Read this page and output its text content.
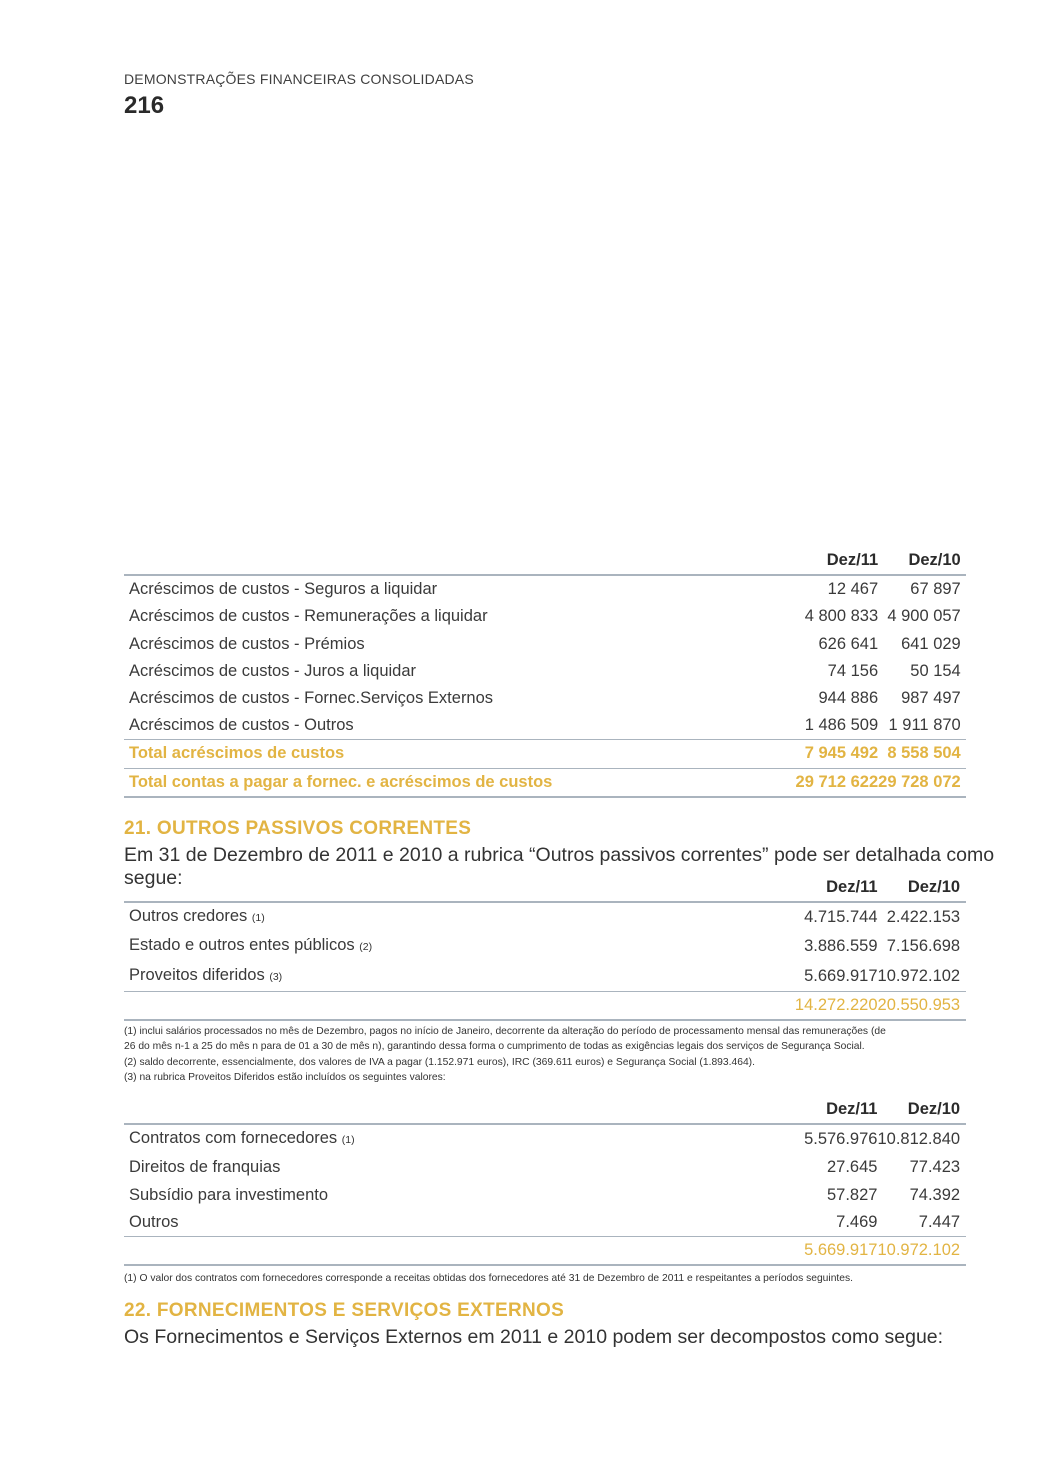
DEMONSTRAÇÕES FINANCEIRAS CONSOLIDADAS
216
	Dez/11	Dez/10	
Acréscimos de custos - Seguros a liquidar	12 467	67 897	
Acréscimos de custos - Remunerações a liquidar	4 800 833	4 900 057	
Acréscimos de custos - Prémios	626 641	641 029	
Acréscimos de custos - Juros a liquidar	74 156	50 154	
Acréscimos de custos - Fornec.Serviços Externos	944 886	987 497	
Acréscimos de custos - Outros	1 486 509	1 911 870	
Total acréscimos de custos	7 945 492	8 558 504	
Total contas a pagar a fornec. e acréscimos de custos	29 712 622	29 728 072	
21. OUTROS PASSIVOS CORRENTES
Em 31 de Dezembro de 2011 e 2010 a rubrica “Outros passivos correntes” pode ser detalhada como segue:
		Dez/11	Dez/10	
Outros credores (1)	4.715.744	2.422.153	
Estado e outros entes públicos (2)	3.886.559	7.156.698	
Proveitos diferidos (3)	5.669.917	10.972.102	
	14.272.220	20.550.953	
(1) inclui salários processados no mês de Dezembro, pagos no início de Janeiro, decorrente da alteração do período de processamento mensal das remunerações (de
26 do mês n-1 a 25 do mês n para de 01 a 30 de mês n), garantindo dessa forma o cumprimento de todas as exigências legais dos serviços de Segurança Social.
(2) saldo decorrente, essencialmente, dos valores de IVA a pagar (1.152.971 euros), IRC (369.611 euros) e Segurança Social (1.893.464).
(3) na rubrica Proveitos Diferidos estão incluídos os seguintes valores:
	Dez/11	Dez/10	
Contratos com fornecedores (1)	5.576.976	10.812.840	
Direitos de franquias	27.645	77.423	
Subsídio para investimento	57.827	74.392	
Outros	7.469	7.447	
	5.669.917	10.972.102	
(1) O valor dos contratos com fornecedores corresponde a receitas obtidas dos fornecedores até 31 de Dezembro de 2011 e respeitantes a períodos seguintes.
22. FORNECIMENTOS E SERVIÇOS EXTERNOS
Os Fornecimentos e Serviços Externos em 2011 e 2010 podem ser decompostos como segue:
